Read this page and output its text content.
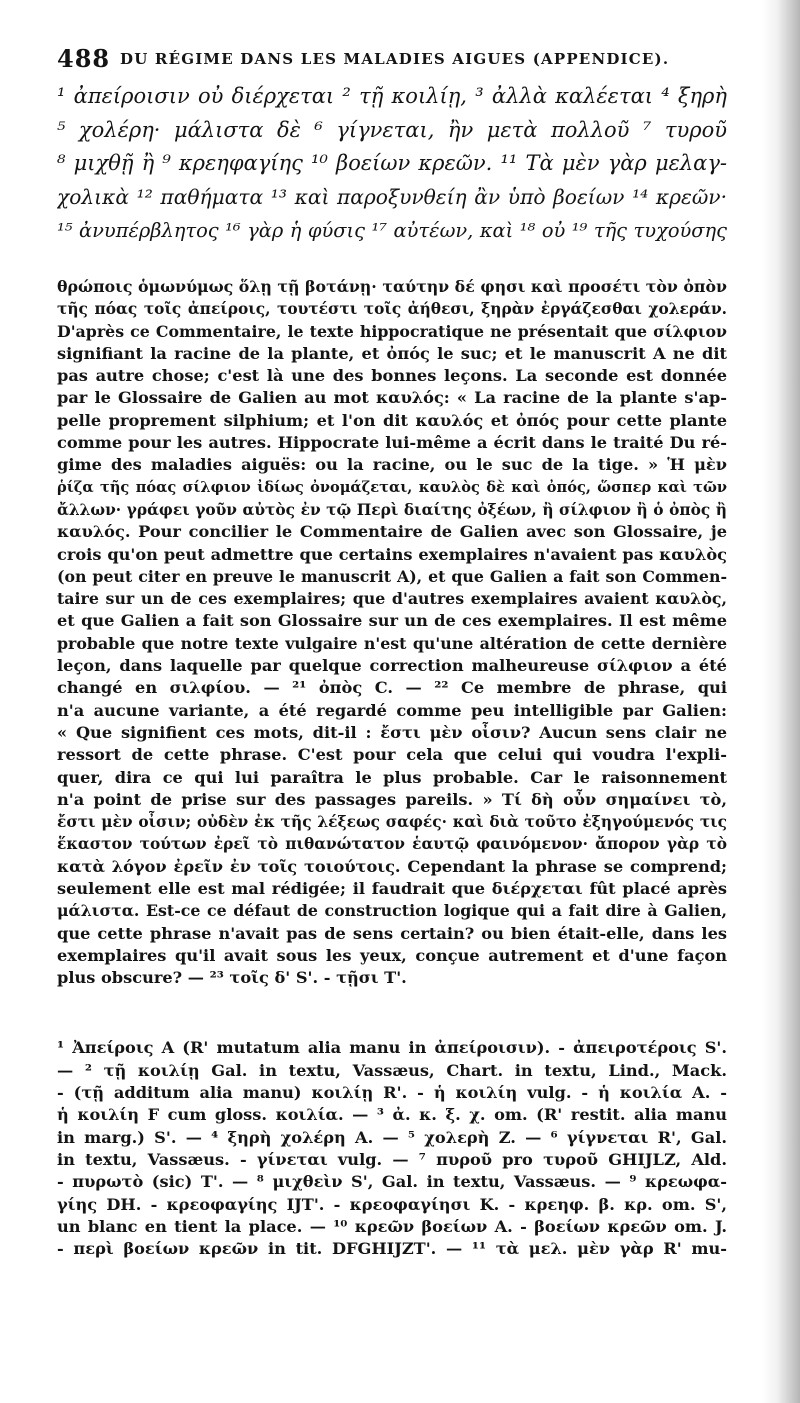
488 DU RÉGIME DANS LES MALADIES AIGUES (APPENDICE).
¹ ἀπείροισιν οὐ διέρχεται ² τῇ κοιλίῃ, ³ ἀλλὰ καλέεται ⁴ ξηρὴ
⁵ χολέρη· μάλιστα δὲ ⁶ γίγνεται, ἢν μετὰ πολλοῦ ⁷ τυροῦ
⁸ μιχθῇ ἢ ⁹ κρεηφαγίης ¹⁰ βοείων κρεῶν. ¹¹ Τὰ μὲν γὰρ μελαγ-
χολικὰ ¹² παθήματα ¹³ καὶ παροξυνθείη ἂν ὑπὸ βοείων ¹⁴ κρεῶν·
¹⁵ ἀνυπέρβλητος ¹⁶ γὰρ ἡ φύσις ¹⁷ αὐτέων, καὶ ¹⁸ οὐ ¹⁹ τῆς τυχούσης
θρώποις ὁμωνύμως ὅλῃ τῇ βοτάνῃ· ταύτην δέ φησι καὶ προσέτι τὸν ὀπὸν
τῆς πόας τοῖς ἀπείροις, τουτέστι τοῖς ἀήθεσι, ξηρὰν ἐργάζεσθαι χολεράν.
D'après ce Commentaire, le texte hippocratique ne présentait que σίλφιον
signifiant la racine de la plante, et ὀπός le suc; et le manuscrit A ne dit
pas autre chose; c'est là une des bonnes leçons. La seconde est donnée
par le Glossaire de Galien au mot καυλός: « La racine de la plante s'ap-
pelle proprement silphium; et l'on dit καυλός et ὀπός pour cette plante
comme pour les autres. Hippocrate lui-même a écrit dans le traité Du ré-
gime des maladies aiguës: ou la racine, ou le suc de la tige. » Ἡ μὲν
ῥίζα τῆς πόας σίλφιον ἰδίως ὀνομάζεται, καυλὸς δὲ καὶ ὀπός, ὥσπερ καὶ τῶν
ἄλλων· γράφει γοῦν αὐτὸς ἐν τῷ Περὶ διαίτης ὀξέων, ἢ σίλφιον ἢ ὁ ὀπὸς ἢ
καυλός. Pour concilier le Commentaire de Galien avec son Glossaire, je
crois qu'on peut admettre que certains exemplaires n'avaient pas καυλὸς
(on peut citer en preuve le manuscrit A), et que Galien a fait son Commen-
taire sur un de ces exemplaires; que d'autres exemplaires avaient καυλὸς,
et que Galien a fait son Glossaire sur un de ces exemplaires. Il est même
probable que notre texte vulgaire n'est qu'une altération de cette dernière
leçon, dans laquelle par quelque correction malheureuse σίλφιον a été
changé en σιλφίου. — ²¹ ὀπὸς C. — ²² Ce membre de phrase, qui
n'a aucune variante, a été regardé comme peu intelligible par Galien:
« Que signifient ces mots, dit-il : ἔστι μὲν οἶσιν? Aucun sens clair ne
ressort de cette phrase. C'est pour cela que celui qui voudra l'expli-
quer, dira ce qui lui paraîtra le plus probable. Car le raisonnement
n'a point de prise sur des passages pareils. » Τί δὴ οὖν σημαίνει τὸ,
ἔστι μὲν οἶσιν; οὐδὲν ἐκ τῆς λέξεως σαφές· καὶ διὰ τοῦτο ἐξηγούμενός τις
ἕκαστον τούτων ἐρεῖ τὸ πιθανώτατον ἑαυτῷ φαινόμενον· ἄπορον γὰρ τὸ
κατὰ λόγον ἐρεῖν ἐν τοῖς τοιούτοις. Cependant la phrase se comprend;
seulement elle est mal rédigée; il faudrait que διέρχεται fût placé après
μάλιστα. Est-ce ce défaut de construction logique qui a fait dire à Galien,
que cette phrase n'avait pas de sens certain? ou bien était-elle, dans les
exemplaires qu'il avait sous les yeux, conçue autrement et d'une façon
plus obscure? — ²³ τοῖς δ' S'. - τῇσι T'.
¹ Ἀπείροις A (R' mutatum alia manu in ἀπείροισιν). - ἀπειροτέροις S'.
— ² τῇ κοιλίῃ Gal. in textu, Vassæus, Chart. in textu, Lind., Mack.
- (τῇ additum alia manu) κοιλίῃ R'. - ἡ κοιλίη vulg. - ἡ κοιλία A. -
ἡ κοιλίη F cum gloss. κοιλία. — ³ ἀ. κ. ξ. χ. om. (R' restit. alia manu
in marg.) S'. — ⁴ ξηρὴ χολέρη A. — ⁵ χολερὴ Z. — ⁶ γίγνεται R', Gal.
in textu, Vassæus. - γίνεται vulg. — ⁷ πυροῦ pro τυροῦ GHIJLZ, Ald.
- πυρωτὸ (sic) T'. — ⁸ μιχθεὶν S', Gal. in textu, Vassæus. — ⁹ κρεωφα-
γίης DH. - κρεοφαγίης IJT'. - κρεοφαγίησι K. - κρεηφ. β. κρ. om. S',
un blanc en tient la place. — ¹⁰ κρεῶν βοείων A. - βοείων κρεῶν om. J.
- περὶ βοείων κρεῶν in tit. DFGHIJZT'. — ¹¹ τὰ μελ. μὲν γὰρ R' mu-
